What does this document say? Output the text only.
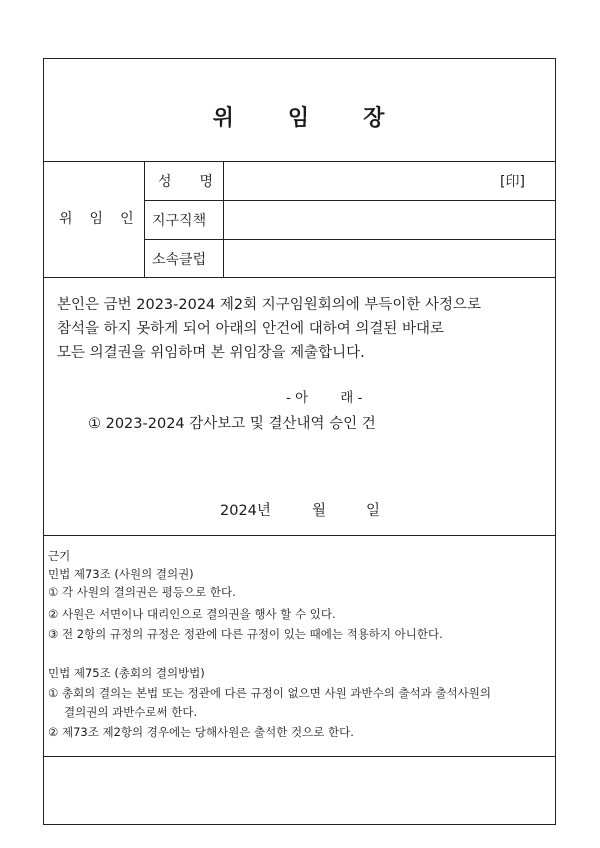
위 임 장
위 임 인
성 명
지구직책
소속클럽
[印]
본인은 금번 2023-2024 제2회 지구임원회의에 부득이한 사정으로
참석을 하지 못하게 되어 아래의 안건에 대하여 의결된 바대로
모든 의결권을 위임하며 본 위임장을 제출합니다.
- 아 래 -
① 2023-2024 감사보고 및 결산내역 승인 건
2024년	월	일
근기
민법 제73조 (사원의 결의권)
① 각 사원의 결의권은 평등으로 한다.
② 사원은 서면이나 대리인으로 결의권을 행사 할 수 있다.
③ 전 2항의 규정의 규정은 정관에 다른 규정이 있는 때에는 적용하지 아니한다.
민법 제75조 (총회의 결의방법)
① 총회의 결의는 본법 또는 정관에 다른 규정이 없으면 사원 과반수의 출석과 출석사원의
결의권의 과반수로써 한다.
② 제73조 제2항의 경우에는 당해사원은 출석한 것으로 한다.
